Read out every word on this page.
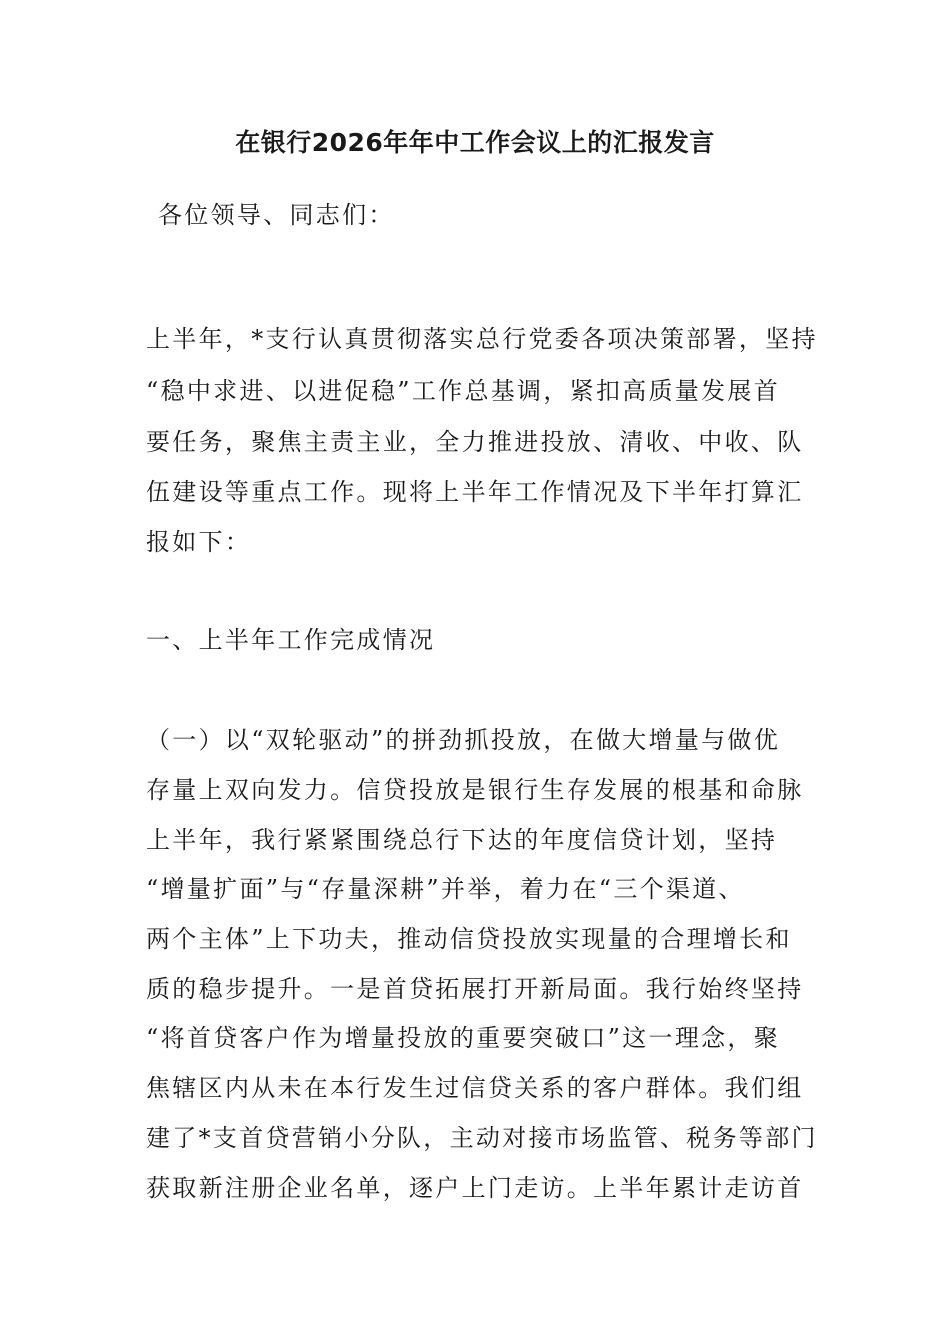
在银行2026年年中工作会议上的汇报发言

各位领导、同志们：

上半年，*支行认真贯彻落实总行党委各项决策部署，坚持

“稳中求进、以进促稳”工作总基调，紧扣高质量发展首

要任务，聚焦主责主业，全力推进投放、清收、中收、队

伍建设等重点工作。现将上半年工作情况及下半年打算汇

报如下：

一、上半年工作完成情况

（一）以“双轮驱动”的拼劲抓投放，在做大增量与做优

存量上双向发力。信贷投放是银行生存发展的根基和命脉

上半年，我行紧紧围绕总行下达的年度信贷计划，坚持

“增量扩面”与“存量深耕”并举，着力在“三个渠道、

两个主体”上下功夫，推动信贷投放实现量的合理增长和

质的稳步提升。一是首贷拓展打开新局面。我行始终坚持

“将首贷客户作为增量投放的重要突破口”这一理念，聚

焦辖区内从未在本行发生过信贷关系的客户群体。我们组

建了*支首贷营销小分队，主动对接市场监管、税务等部门

获取新注册企业名单，逐户上门走访。上半年累计走访首
